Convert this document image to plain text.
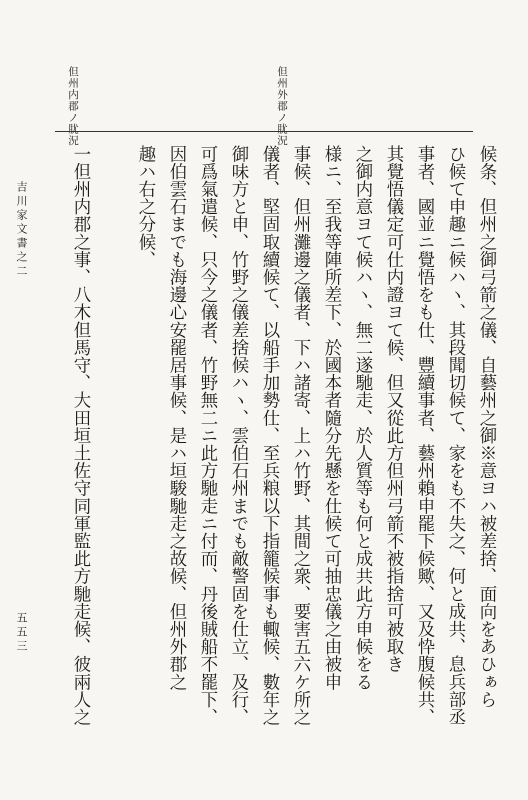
但州外郡ノ肬況
但州内郡ノ肬況
候条、但州之御弓箭之儀、自藝州之御※意ヨハ被差捨、面向をあひぁら
ひ候て申趣ニ候ハヽ、其段聞切候て、家をも不失之、何と成共、息兵部丞
事者、國並ニ覺悟をも仕、豐續事者、藝州賴申罷下候歟、又及忰腹候共、
其覺悟儀定可仕内證ヨて候、但又從此方但州弓箭不被指捨可被取き
之御内意ヨて候ハヽ、無二遂馳走、於人質等も何と成共此方申候をる
様ニ、至我等陣所差下、於國本者隨分先懸を仕候て可抽忠儀之由被申
事候、但州灘邊之儀者、下ハ諸寄、上ハ竹野、其間之衆、要害五六ケ所之
儀者、堅固取續候て、以船手加勢仕、至兵粮以下指籠候事も輙候、數年之
御味方と申、竹野之儀差捨候ハヽ、雲伯石州までも敵警固を仕立、及行、
可爲氣遣候、只今之儀者、竹野無二ニ此方馳走ニ付而、丹後賊船不罷下、
因伯雲石までも海邊心安罷居事候、是ハ垣駿馳走之故候、但州外郡之
趣ハ右之分候、
一但州内郡之事、八木但馬守、大田垣土佐守同軍監此方馳走候、彼兩人之
吉川家文書之二
五五三
